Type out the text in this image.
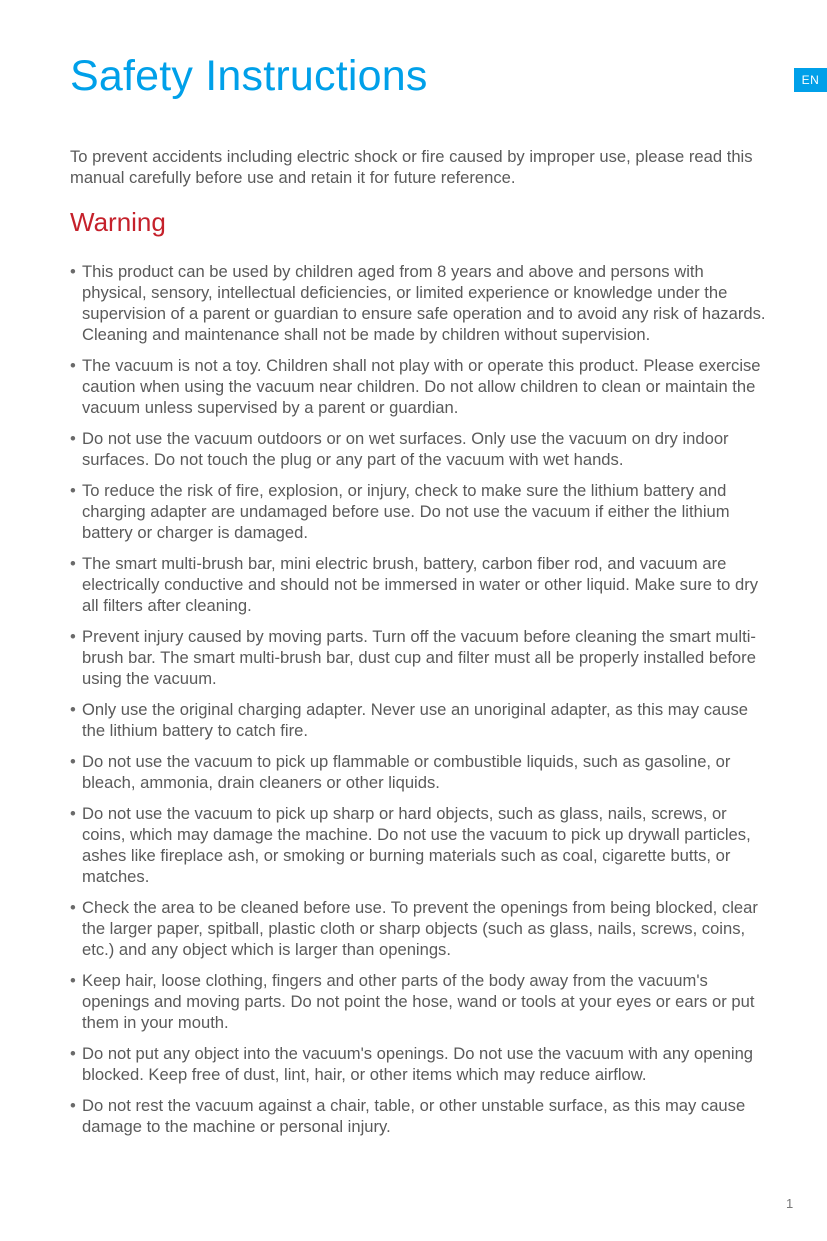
EN
Safety Instructions

To prevent accidents including electric shock or fire caused by improper use, please read this manual carefully before use and retain it for future reference.

Warning
• This product can be used by children aged from 8 years and above and persons with physical, sensory, intellectual deficiencies, or limited experience or knowledge under the supervision of a parent or guardian to ensure safe operation and to avoid any risk of hazards. Cleaning and maintenance shall not be made by children without supervision.
• The vacuum is not a toy. Children shall not play with or operate this product. Please exercise caution when using the vacuum near children. Do not allow children to clean or maintain the vacuum unless supervised by a parent or guardian.
• Do not use the vacuum outdoors or on wet surfaces. Only use the vacuum on dry indoor surfaces. Do not touch the plug or any part of the vacuum with wet hands.
• To reduce the risk of fire, explosion, or injury, check to make sure the lithium battery and charging adapter are undamaged before use. Do not use the vacuum if either the lithium battery or charger is damaged.
• The smart multi-brush bar, mini electric brush, battery, carbon fiber rod, and vacuum are electrically conductive and should not be immersed in water or other liquid. Make sure to dry all filters after cleaning.
• Prevent injury caused by moving parts. Turn off the vacuum before cleaning the smart multi-brush bar. The smart multi-brush bar, dust cup and filter must all be properly installed before using the vacuum.
• Only use the original charging adapter. Never use an unoriginal adapter, as this may cause the lithium battery to catch fire.
• Do not use the vacuum to pick up flammable or combustible liquids, such as gasoline, or bleach, ammonia, drain cleaners or other liquids.
• Do not use the vacuum to pick up sharp or hard objects, such as glass, nails, screws, or coins, which may damage the machine. Do not use the vacuum to pick up drywall particles, ashes like fireplace ash, or smoking or burning materials such as coal, cigarette butts, or matches.
• Check the area to be cleaned before use. To prevent the openings from being blocked, clear the larger paper, spitball, plastic cloth or sharp objects (such as glass, nails, screws, coins, etc.) and any object which is larger than openings.
• Keep hair, loose clothing, fingers and other parts of the body away from the vacuum's openings and moving parts. Do not point the hose, wand or tools at your eyes or ears or put them in your mouth.
• Do not put any object into the vacuum's openings. Do not use the vacuum with any opening blocked. Keep free of dust, lint, hair, or other items which may reduce airflow.
• Do not rest the vacuum against a chair, table, or other unstable surface, as this may cause damage to the machine or personal injury.
1
